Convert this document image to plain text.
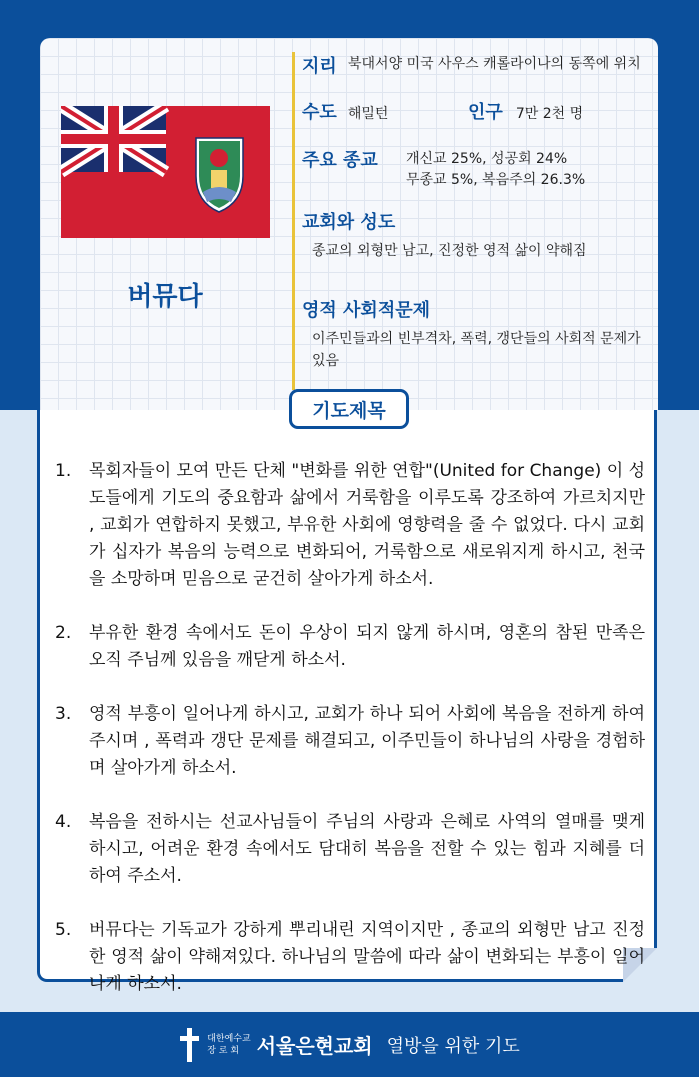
버뮤다
지리 북대서양 미국 사우스 캐롤라이나의 동쪽에 위치
수도 해밀턴	인구 7만 2천 명
주요 종교	개신교 25%, 성공회 24%
무종교 5%, 복음주의 26.3%
교회와 성도
종교의 외형만 남고, 진정한 영적 삶이 약해짐
영적 사회적문제
이주민들과의 빈부격차, 폭력, 갱단들의 사회적 문제가 있음
기도제목
1.	목회자들이 모여 만든 단체 "변화를 위한 연합"(United for Change) 이 성도들에게 기도의 중요함과 삶에서 거룩함을 이루도록 강조하여 가르치지만 , 교회가 연합하지 못했고, 부유한 사회에 영향력을 줄 수 없었다. 다시 교회가 십자가 복음의 능력으로 변화되어, 거룩함으로 새로워지게 하시고, 천국을 소망하며 믿음으로 굳건히 살아가게 하소서.
2.	부유한 환경 속에서도 돈이 우상이 되지 않게 하시며, 영혼의 참된 만족은 오직 주님께 있음을 깨닫게 하소서.
3.	영적 부흥이 일어나게 하시고, 교회가 하나 되어 사회에 복음을 전하게 하여 주시며 , 폭력과 갱단 문제를 해결되고, 이주민들이 하나님의 사랑을 경험하며 살아가게 하소서.
4.	복음을 전하시는 선교사님들이 주님의 사랑과 은혜로 사역의 열매를 맺게 하시고, 어려운 환경 속에서도 담대히 복음을 전할 수 있는 힘과 지혜를 더하여 주소서.
5.	버뮤다는 기독교가 강하게 뿌리내린 지역이지만 , 종교의 외형만 남고 진정한 영적 삶이 약해져있다. 하나님의 말씀에 따라 삶이 변화되는 부흥이 일어나게 하소서.
대한예수교
장 로 회 서울은현교회 열방을 위한 기도
